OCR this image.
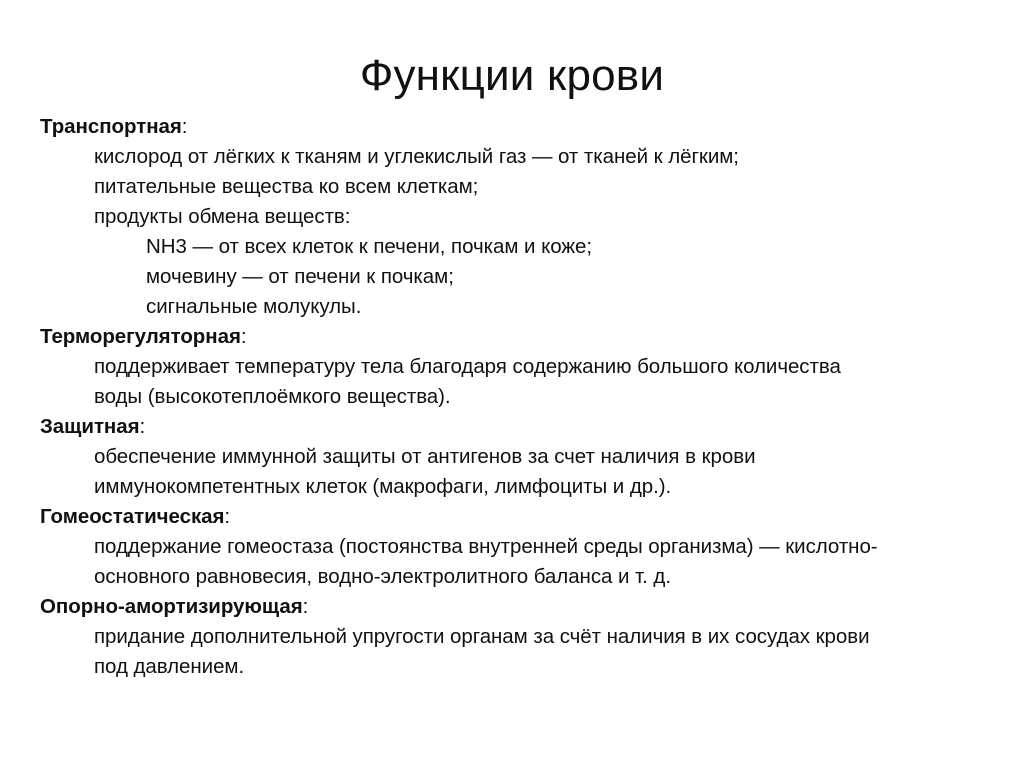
Функции крови
Транспортная:
кислород от лёгких к тканям и углекислый газ — от тканей к лёгким;
питательные вещества ко всем клеткам;
продукты обмена веществ:
NH3 — от всех клеток к печени, почкам и коже;
мочевину — от печени к почкам;
сигнальные молукулы.
Терморегуляторная:
поддерживает температуру тела благодаря содержанию большого количества
воды (высокотеплоёмкого вещества).
Защитная:
обеспечение иммунной защиты от антигенов за счет наличия в крови
иммунокомпетентных клеток (макрофаги, лимфоциты и др.).
Гомеостатическая:
поддержание гомеостаза (постоянства внутренней среды организма) — кислотно-
основного равновесия, водно-электролитного баланса и т. д.
Опорно-амортизирующая:
придание дополнительной упругости органам за счёт наличия в их сосудах крови
под давлением.
